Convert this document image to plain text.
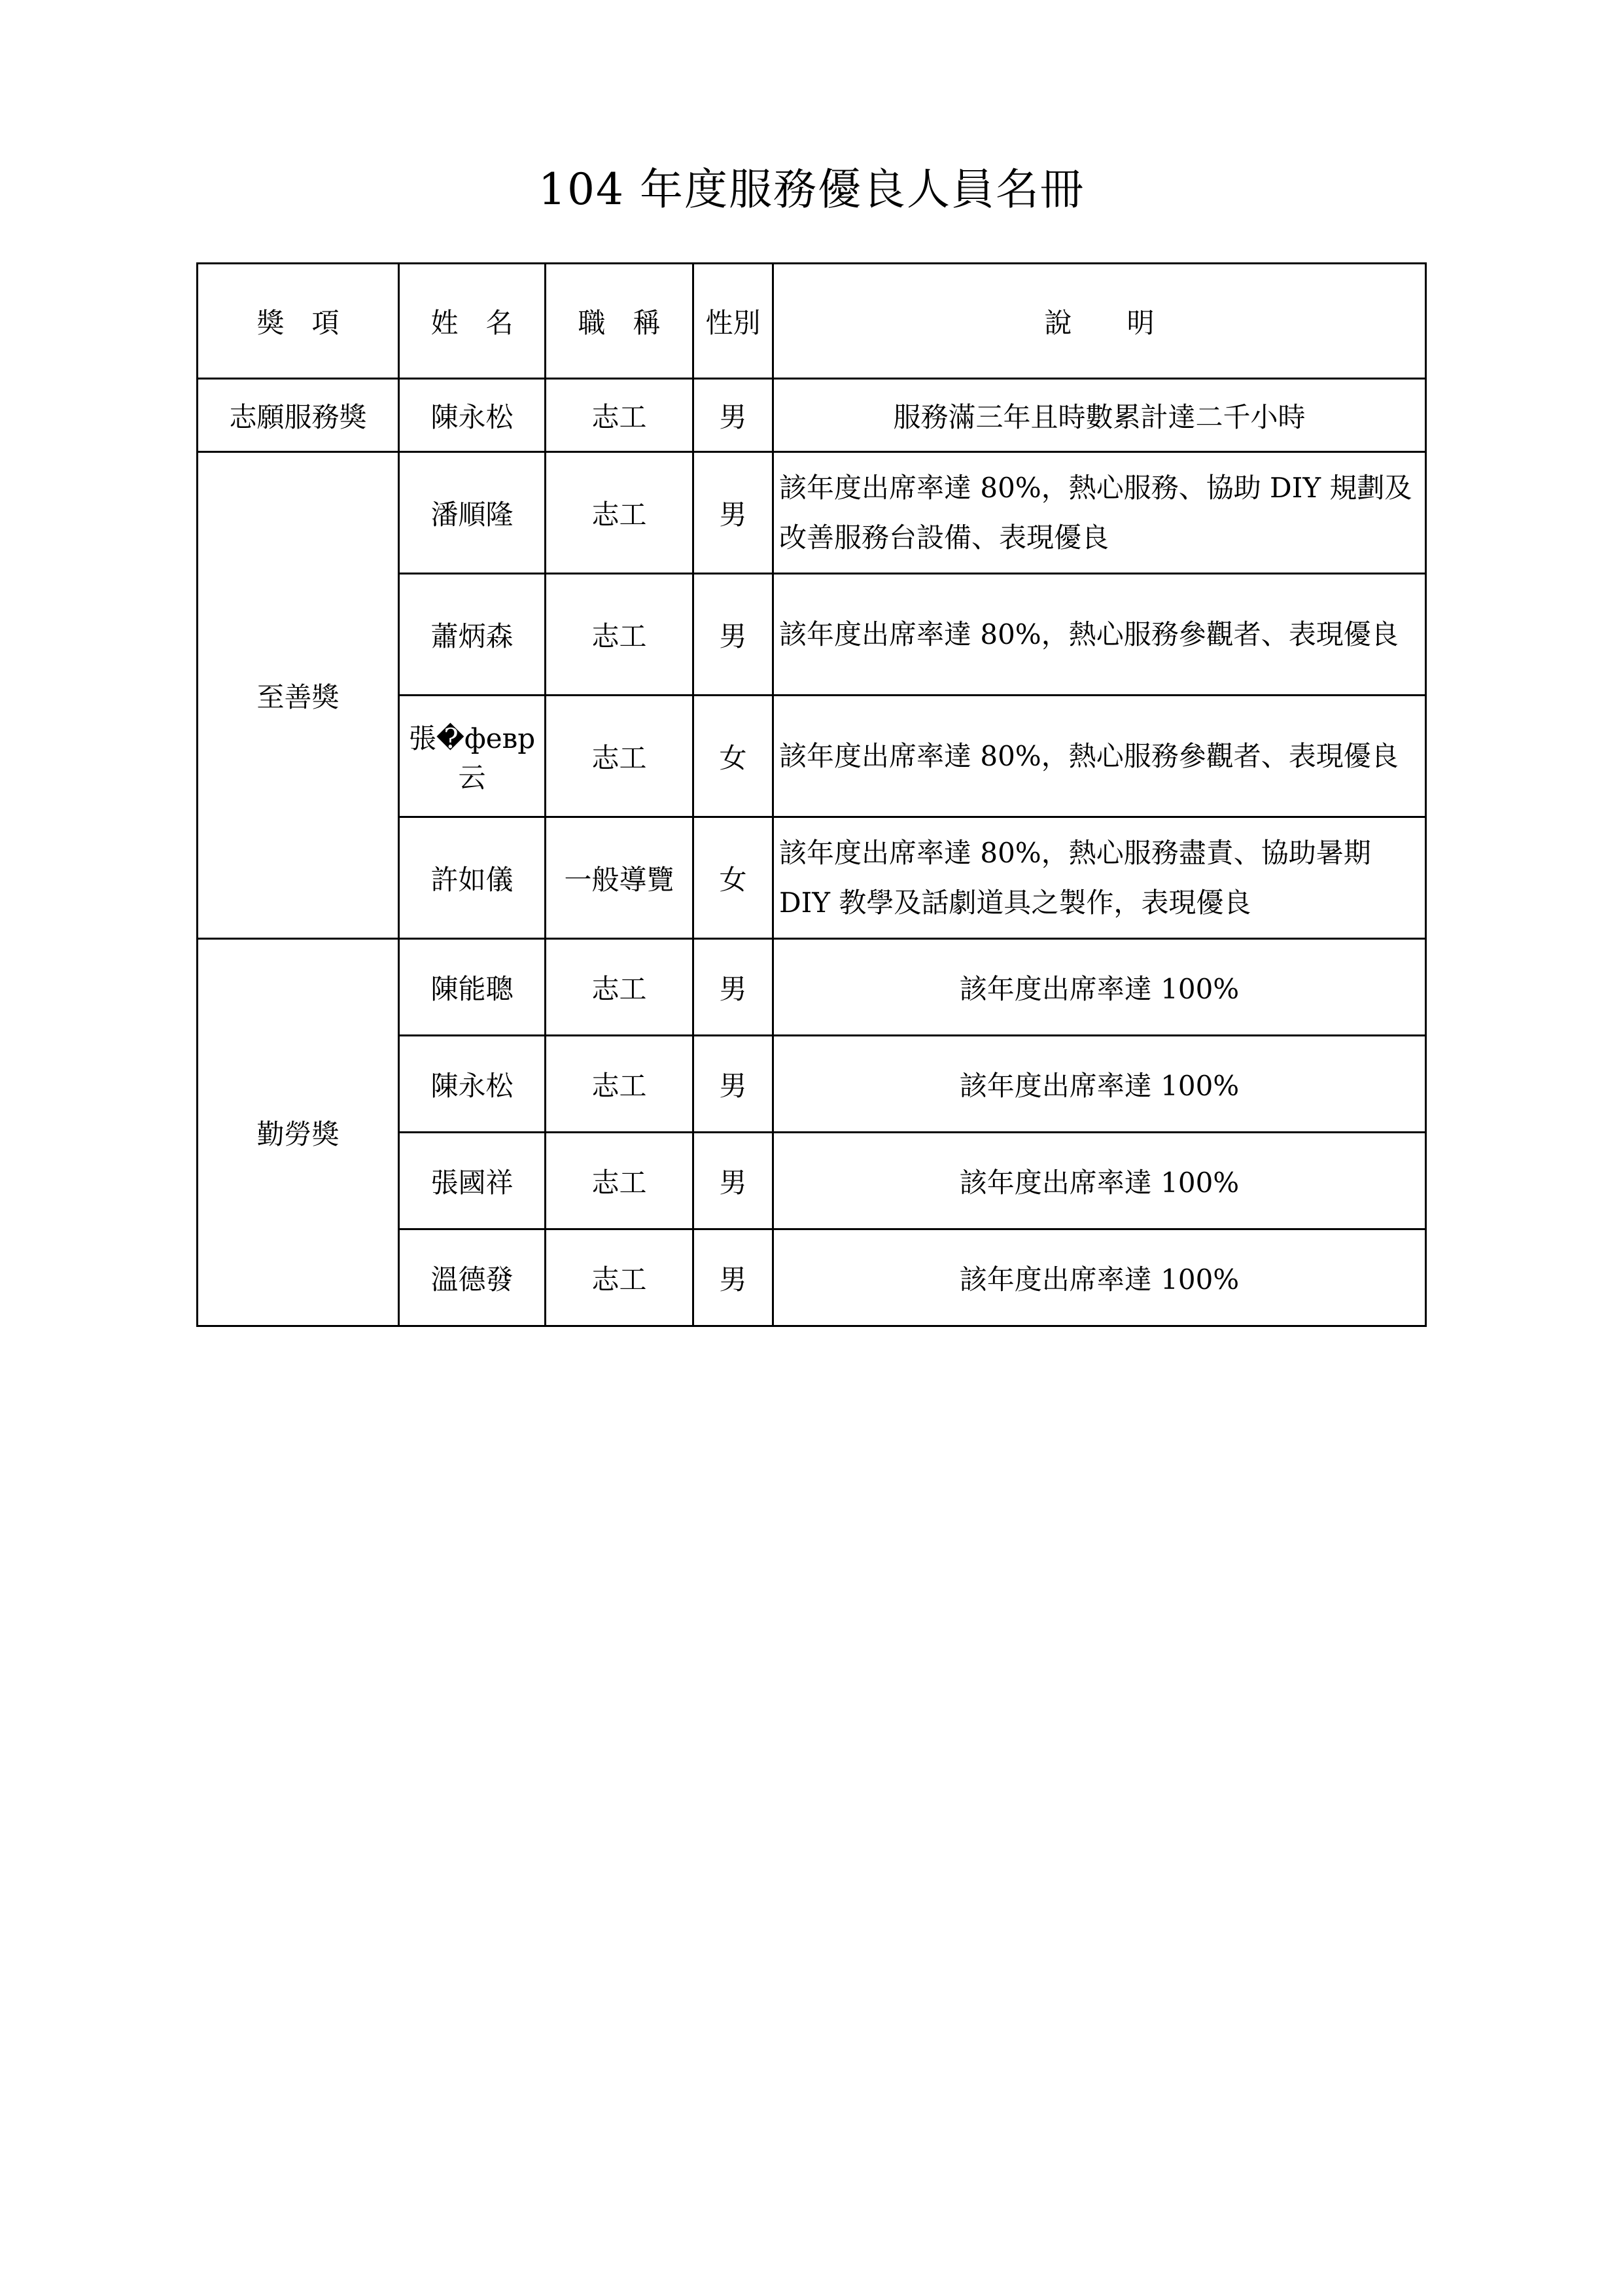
104 年度服務優良人員名冊
獎　項	姓　名	職　稱	性別	說　　明
志願服務獎	陳永松	志工	男	服務滿三年且時數累計達二千小時
至善獎	潘順隆	志工	男	該年度出席率達 80%，熱心服務、協助 DIY 規劃及改善服務台設備、表現優良
	蕭炳森	志工	男	該年度出席率達 80%，熱心服務參觀者、表現優良
	張�февр云	志工	女	該年度出席率達 80%，熱心服務參觀者、表現優良
	許如儀	一般導覽	女	該年度出席率達 80%，熱心服務盡責、協助暑期 DIY 教學及話劇道具之製作，表現優良
勤勞獎	陳能聰	志工	男	該年度出席率達 100%
	陳永松	志工	男	該年度出席率達 100%
	張國祥	志工	男	該年度出席率達 100%
	溫德發	志工	男	該年度出席率達 100%
